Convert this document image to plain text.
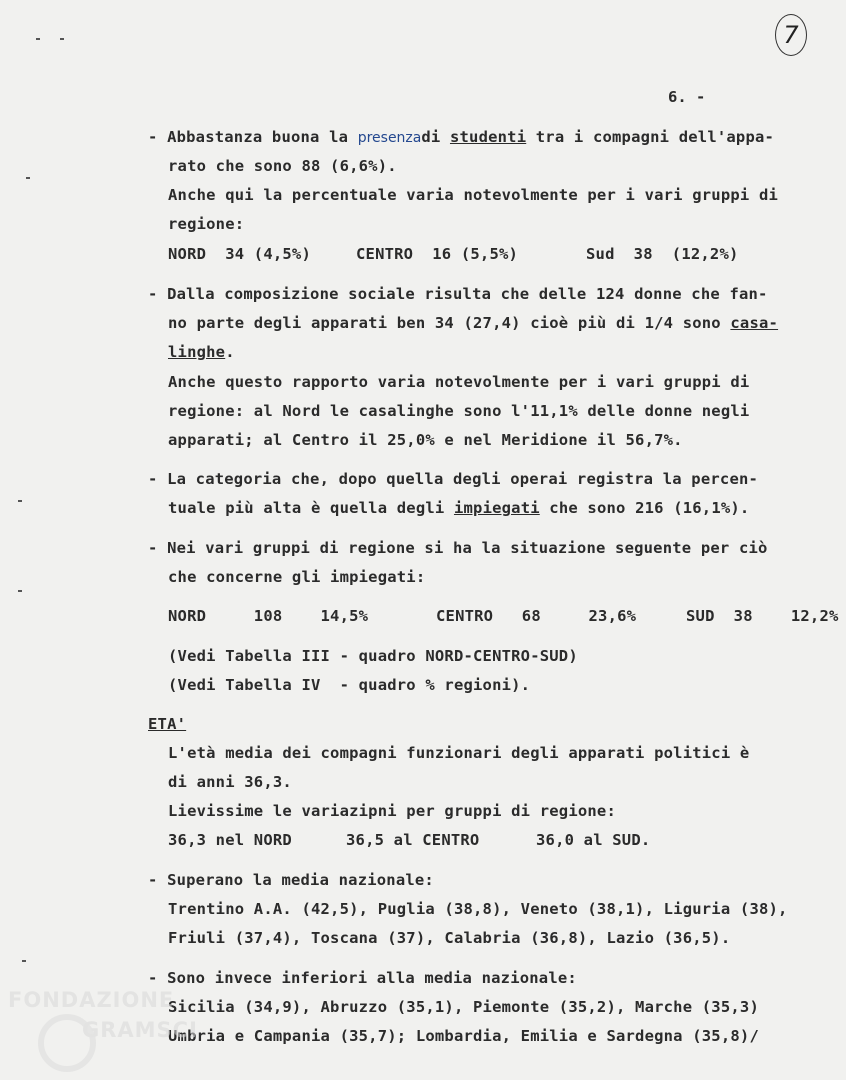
7
6. -
- Abbastanza buona la presenzadi studenti tra i compagni dell'appa-
rato che sono 88 (6,6%).
Anche qui la percentuale varia notevolmente per i vari gruppi di
regione:
NORD  34 (4,5%)	CENTRO  16 (5,5%)	Sud  38  (12,2%)
- Dalla composizione sociale risulta che delle 124 donne che fan-
no parte degli apparati ben 34 (27,4) cioè più di 1/4 sono casa-
linghe.
Anche questo rapporto varia notevolmente per i vari gruppi di
regione: al Nord le casalinghe sono l'11,1% delle donne negli
apparati; al Centro il 25,0% e nel Meridione il 56,7%.
- La categoria che, dopo quella degli operai registra la percen-
tuale più alta è quella degli impiegati che sono 216 (16,1%).
- Nei vari gruppi di regione si ha la situazione seguente per ciò
che concerne gli impiegati:
NORD     108    14,5%	CENTRO   68     23,6%	SUD  38    12,2%
(Vedi Tabella III - quadro NORD-CENTRO-SUD)
(Vedi Tabella IV  - quadro % regioni).
ETA'
L'età media dei compagni funzionari degli apparati politici è
di anni 36,3.
Lievissime le variazipni per gruppi di regione:
36,3 nel NORD	36,5 al CENTRO	36,0 al SUD.
- Superano la media nazionale:
Trentino A.A. (42,5), Puglia (38,8), Veneto (38,1), Liguria (38),
Friuli (37,4), Toscana (37), Calabria (36,8), Lazio (36,5).
- Sono invece inferiori alla media nazionale:
Sicilia (34,9), Abruzzo (35,1), Piemonte (35,2), Marche (35,3)
Umbria e Campania (35,7); Lombardia, Emilia e Sardegna (35,8)/
FONDAZIONE
GRAMSCI
